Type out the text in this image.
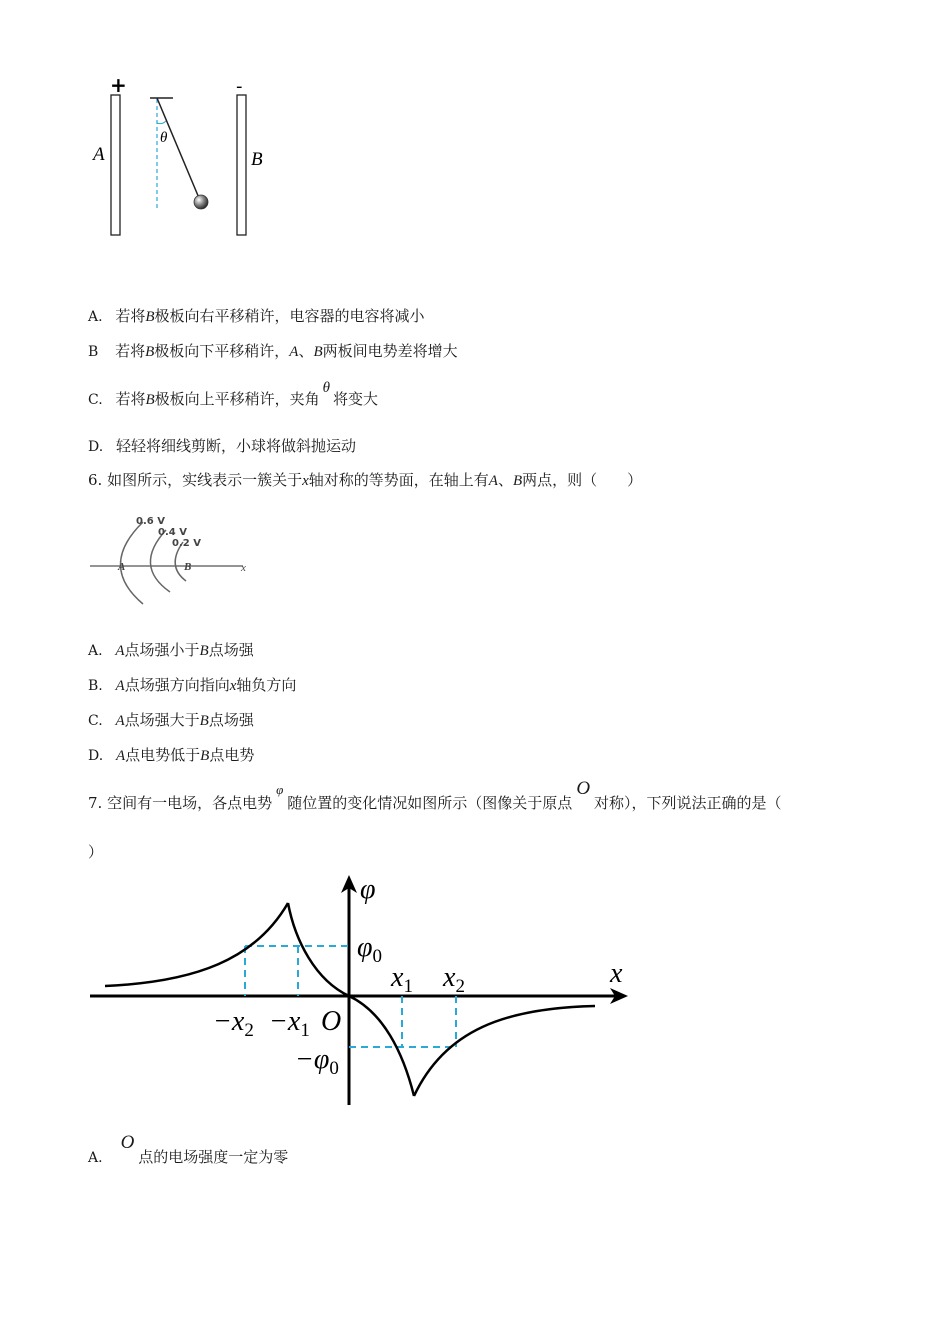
+
A
θ
-
B
A. 若将B极板向右平移稍许，电容器的电容将减小
B 若将B极板向下平移稍许，A、B两板间电势差将增大
C. 若将B极板向上平移稍许，夹角θ将变大
D. 轻轻将细线剪断，小球将做斜抛运动
6. 如图所示，实线表示一簇关于x轴对称的等势面，在轴上有A、B两点，则（　　）
0.6 V
0.4 V
0.2 V
A	B	x
A. A点场强小于B点场强
B. A点场强方向指向x轴负方向
C. A点场强大于B点场强
D. A点电势低于B点电势
7. 空间有一电场，各点电势φ随位置的变化情况如图所示（图像关于原点O对称），下列说法正确的是（
）
φ
$\varphi_0$
x
$x_1$ $x_2$
$-x_2 -x_1$ O
$-\varphi_0$
A.O点的电场强度一定为零
